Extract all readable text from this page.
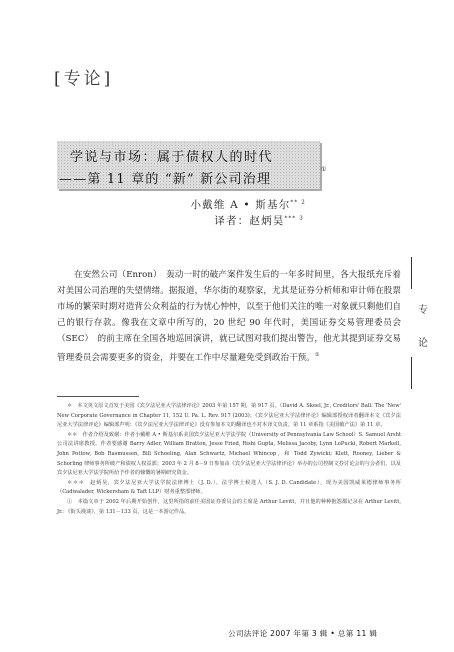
[专论]
学说与市场：属于债权人的时代
——第 11 章的 “新” 新公司治理
①
小戴维 A • 斯基尔$^{** 2}$
译者：赵炳昊$^{*** 3}$
专
论

在安然公司（Enron）　轰动一时的破产案件发生后的一年多时间里，各大报纸充斥着对美国公司治理的失望情绪。据报道，华尔街的观察家，尤其是证券分析师和审计师在股票市场的繁荣时期对造背公众利益的行为忧心忡忡，以至于他们关注的唯一对象就只剩他们自己的银行存款。像我在文章中所写的，20 世纪 90 年代时，美国证券交易管理委员会（SEC）　的前主席在全国各地巡回演讲，就已试图对我们提出警告，他尤其提到证券交易管理委员会需要更多的资金，并要在工作中尽量避免受到政治干预。①

＊　本文英文原文首发于美国《宾夕法尼亚大学法律评论》2003 年第 157 期，第 917 页。（David A. Skeel, Jr., Creditors' Ball: The 'New' New Corporate Governance in Chapter 11, 152 U. Pa. L. Rev. 917 (2003)；《宾夕法尼亚大学法律评论》编辑部授权译者翻译本文《宾夕法尼亚大学法律评论》编辑部声明：《宾夕法尼亚大学法律评论》没有参加本文的翻译也不对本译文负责。第 11 章系指《美国破产法》第 11 章。

＊＊　作者介绍及致谢：作者小戴维 A • 斯基尔系美国宾夕法尼亚大学法学院（University of Pennsylvania Law School）S. Samuel Arsht 公司法讲席教授。作者要感谢 Barry Adler, William Bratton, Jesse Fried, Rishi Gupta, Melissa Jacoby, Lynn LoPucki, Robert Markell, John Pottow, Bob Rasmussen, Bill Schoeling, Alan Schwartz, Michael Whincop，和 Todd Zywicki; Klett, Rooney, Lieber & Schorling 律师事务所破产和债权人权益部；2003 年 2 月 8－9 日参加由《宾夕法尼亚大学法律评论》举办的公司控制文券讨论会的与会者们，以及宾夕法尼亚大学法学院所给予作者的慷慨的暑期研究资金。

＊＊＊　赵炳昊，宾夕法尼亚大学法学院法律博士（J. D.），法学博士候选人（S. J. D. Candidate），现为美国凯威莱德律师事务所（Cadwalader, Wickersham & Taft LLP）财务重整部律师。

①　本篇文章于 2002 年后期开始创作，这里所指的前任美国证券委员会的主席是 Arthur Levitt，并且他的种种抱怨都记录在 Arthur Levitt, Jr.：《街头漫谈》，第 131－133 页，这是一本游记作品。

公司法评论 2007 年第 3 辑 • 总第 11 辑
